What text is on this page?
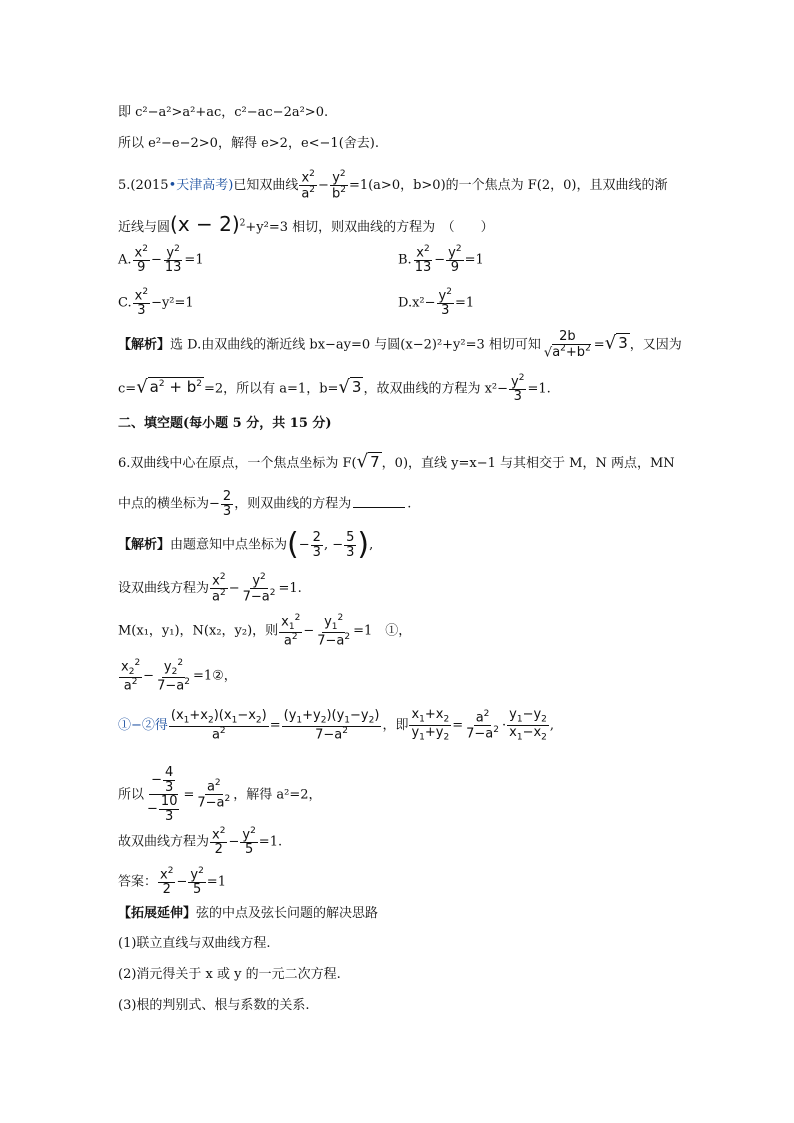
即 c²−a²>a²+ac，c²−ac−2a²>0.
所以 e²−e−2>0，解得 e>2，e<−1(舍去).
5.(2015•天津高考)已知双曲线 $\frac{x^2}{a^2} - \frac{y^2}{b^2} =1(a>0$，b>0)的一个焦点为 F(2，0)，且双曲线的渐
近线与圆$(x - 2)^2+y^2=3$ 相切，则双曲线的方程为　（　　）
A. $\frac{x^2}{9} - \frac{y^2}{13} =1$	B. $\frac{x^2}{13} - \frac{y^2}{9} =1$
C. $\frac{x^2}{3} -y^2=1$	$D.x^2- \frac{y^2}{3} =1$
【解析】选 D.由双曲线的渐近线 bx−ay=0 与圆(x−2)²+y²=3 相切可知 $\frac{2b}{√a^2+b^2}$ =√ 3 ，又因为
c=√ $a^2 + b^2 =2$，所以有 a=1，b=√ 3 ，故双曲线的方程为 $x^2- \frac{y^2}{3} =1$.
二、填空题(每小题 5 分，共 15 分)
6.双曲线中心在原点，一个焦点坐标为 F(√ 7 ，0)，直线 y=x−1 与其相交于 M，N 两点，MN
中点的横坐标为− $\frac{2}{3}$ ，则双曲线的方程为	.
【解析】由题意知中点坐标为(− $\frac{2}{3}$ , − $\frac{5}{3}$ ),
设双曲线方程为 $\frac{x^2}{a^2} - \frac{y^2}{7-a^2} =1$.
M(x₁，y₁)，N(x₂，y₂)，则 $\frac{x_1^2}{a^2} - \frac{y_1^2}{7-a^2} =1$　①，
$\frac{x_2^2}{a^2} - \frac{y_2^2}{7-a^2}$ =1②，
①−②得 $\frac{(x_1+x_2)(x_1-x_2)}{a^2} = \frac{(y_1+y_2)(y_1-y_2)}{7-a^2}$ ，即 $\frac{x_1+x_2}{y_1+y_2} = \frac{a^2}{7-a^2} \cdot \frac{y_1-y_2}{x_1-x_2}$ ,
所以 $\frac{- \frac{4}{3}}{- \frac{10}{3}} = \frac{a^2}{7-a^2}$ ，解得 a²=2，
故双曲线方程为 $\frac{x^2}{2} - \frac{y^2}{5} =1$.
答案： $\frac{x^2}{2} - \frac{y^2}{5} =1$
【拓展延伸】弦的中点及弦长问题的解决思路
(1)联立直线与双曲线方程.
(2)消元得关于 x 或 y 的一元二次方程.
(3)根的判别式、根与系数的关系.
